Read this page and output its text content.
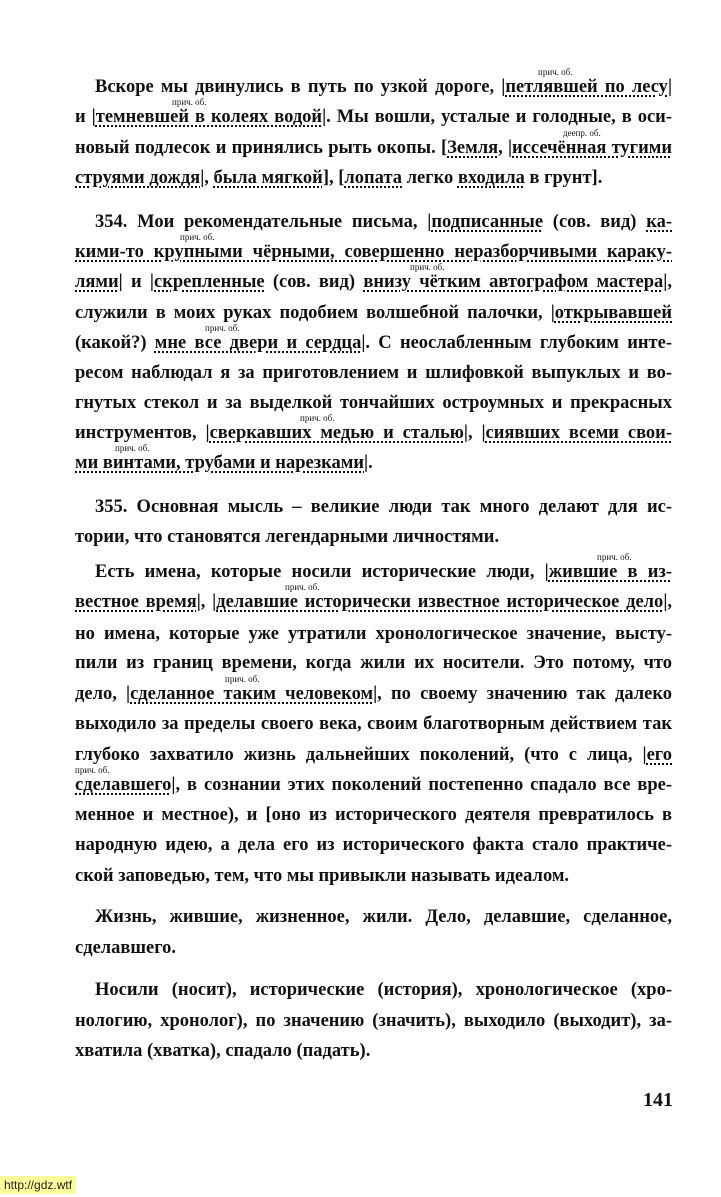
Вскоре мы двинулись в путь по узкой дороге, |петлявшей по лесу|
и |темневшей в колеях водой|. Мы вошли, усталые и голодные, в оси-
новый подлесок и принялись рыть окопы. [Земля, |иссечённая тугими
струями дождя|, была мягкой], [лопата легко входила в грунт].
354. Мои рекомендательные письма, |подписанные (сов. вид) ка-
кими-то крупными чёрными, совершенно неразборчивыми караку-
лями| и |скрепленные (сов. вид) внизу чётким автографом мастера|,
служили в моих руках подобием волшебной палочки, |открывавшей
(какой?) мне все двери и сердца|. С неослабленным глубоким инте-
ресом наблюдал я за приготовлением и шлифовкой выпуклых и во-
гнутых стекол и за выделкой тончайших остроумных и прекрасных
инструментов, |сверкавших медью и сталью|, |сиявших всеми свои-
ми винтами, трубами и нарезками|.
355. Основная мысль – великие люди так много делают для ис-
тории, что становятся легендарными личностями.
Есть имена, которые носили исторические люди, |жившие в из-
вестное время|, |делавшие исторически известное историческое дело|,
но имена, которые уже утратили хронологическое значение, высту-
пили из границ времени, когда жили их носители. Это потому, что
дело, |сделанное таким человеком|, по своему значению так далеко
выходило за пределы своего века, своим благотворным действием так
глубоко захватило жизнь дальнейших поколений, (что с лица, |его
сделавшего|, в сознании этих поколений постепенно спадало все вре-
менное и местное), и [оно из исторического деятеля превратилось в
народную идею, а дела его из исторического факта стало практиче-
ской заповедью, тем, что мы привыкли называть идеалом.
Жизнь, жившие, жизненное, жили. Дело, делавшие, сделанное,
сделавшего.
Носили (носит), исторические (история), хронологическое (хро-
нологию, хронолог), по значению (значить), выходило (выходит), за-
хватила (хватка), спадало (падать).
прич. об.
прич. об.
деепр. об.
прич. об.
прич. об.
прич. об.
прич. об.
прич. об.
прич. об.
прич. об.
прич. об.
прич. об.
141
http://gdz.wtf
